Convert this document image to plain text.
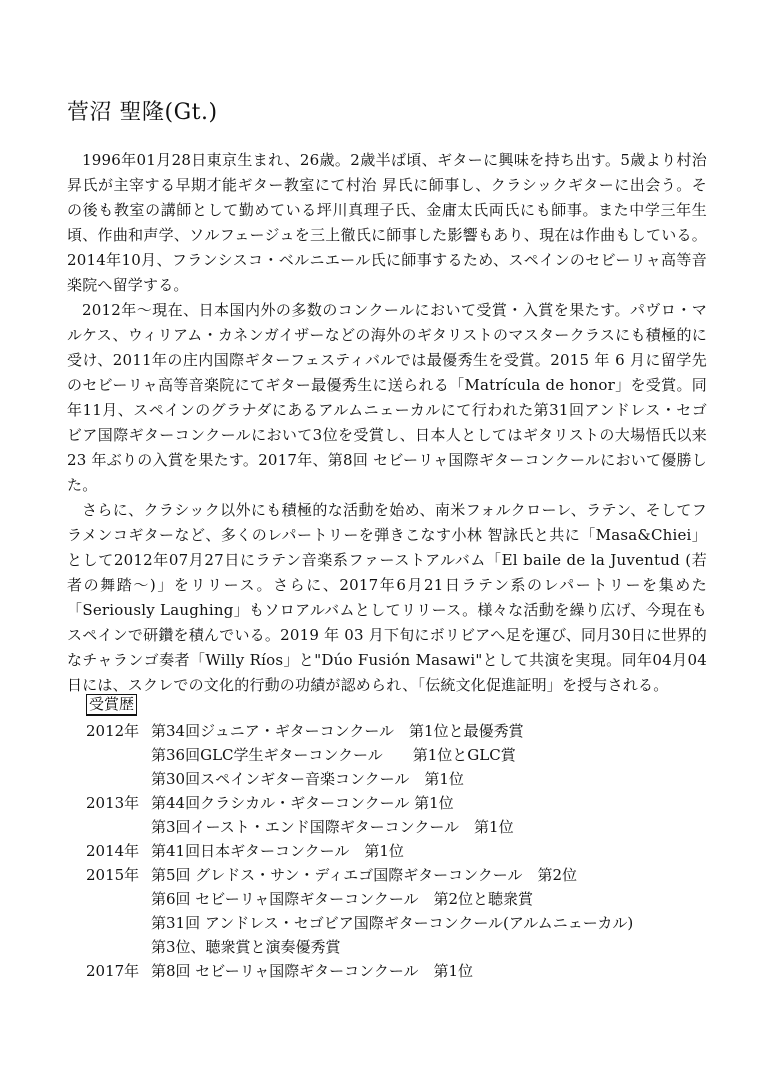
菅沼 聖隆(Gt.)

1996年01月28日東京生まれ、26歳。2歳半ば頃、ギターに興味を持ち出す。5歳より村治 昇氏が主宰する早期才能ギター教室にて村治 昇氏に師事し、クラシックギターに出会う。その後も教室の講師として勤めている坪川真理子氏、金庸太氏両氏にも師事。また中学三年生頃、作曲和声学、ソルフェージュを三上徹氏に師事した影響もあり、現在は作曲もしている。2014年10月、フランシスコ・ベルニエール氏に師事するため、スペインのセビーリャ高等音楽院へ留学する。

2012年〜現在、日本国内外の多数のコンクールにおいて受賞・入賞を果たす。パヴロ・マルケス、ウィリアム・カネンガイザーなどの海外のギタリストのマスタークラスにも積極的に受け、2011年の庄内国際ギターフェスティバルでは最優秀生を受賞。2015 年 6 月に留学先のセビーリャ高等音楽院にてギター最優秀生に送られる「Matrícula de honor」を受賞。同年11月、スペインのグラナダにあるアルムニェーカルにて行われた第31回アンドレス・セゴビア国際ギターコンクールにおいて3位を受賞し、日本人としてはギタリストの大場悟氏以来 23 年ぶりの入賞を果たす。2017年、第8回 セビーリャ国際ギターコンクールにおいて優勝した。

さらに、クラシック以外にも積極的な活動を始め、南米フォルクローレ、ラテン、そしてフラメンコギターなど、多くのレパートリーを弾きこなす小林 智詠氏と共に「Masa&Chiei」として2012年07月27日にラテン音楽系ファーストアルバム「El baile de la Juventud (若者の舞踏〜)」をリリース。さらに、2017年6月21日ラテン系のレパートリーを集めた「Seriously Laughing」もソロアルバムとしてリリース。様々な活動を繰り広げ、今現在もスペインで研鑽を積んでいる。2019 年 03 月下旬にボリビアへ足を運び、同月30日に世界的なチャランゴ奏者「Willy Ríos」と"Dúo Fusión Masawi"として共演を実現。同年04月04日には、スクレでの文化的行動の功績が認められ、「伝統文化促進証明」を授与される。

受賞歴
2012年 第34回ジュニア・ギターコンクール　第1位と最優秀賞
第36回GLC学生ギターコンクール　　第1位とGLC賞
第30回スペインギター音楽コンクール　第1位
2013年 第44回クラシカル・ギターコンクール 第1位
第3回イースト・エンド国際ギターコンクール　第1位
2014年 第41回日本ギターコンクール　第1位
2015年 第5回 グレドス・サン・ディエゴ国際ギターコンクール　第2位
第6回 セビーリャ国際ギターコンクール　第2位と聴衆賞
第31回 アンドレス・セゴビア国際ギターコンクール(アルムニェーカル)
第3位、聴衆賞と演奏優秀賞
2017年 第8回 セビーリャ国際ギターコンクール　第1位
